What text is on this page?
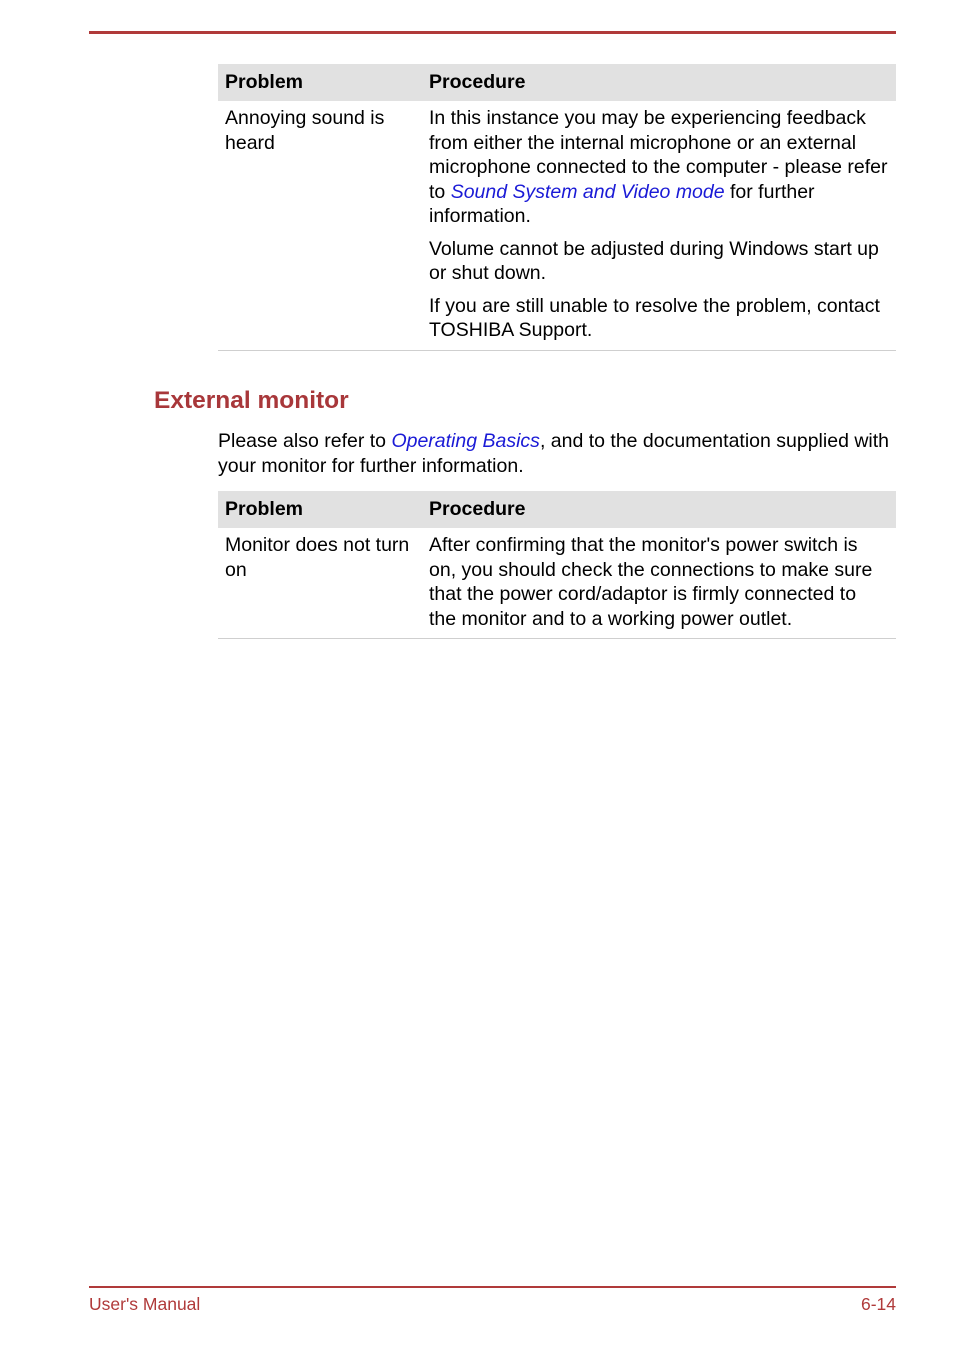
Problem	Procedure
Annoying sound is heard	In this instance you may be experiencing feedback from either the internal microphone or an external microphone connected to the computer - please refer to Sound System and Video mode for further information.

Volume cannot be adjusted during Windows start up or shut down.

If you are still unable to resolve the problem, contact TOSHIBA Support.

External monitor

Please also refer to Operating Basics, and to the documentation supplied with your monitor for further information.

Problem	Procedure
Monitor does not turn on	After confirming that the monitor's power switch is on, you should check the connections to make sure that the power cord/adaptor is firmly connected to the monitor and to a working power outlet.

User's Manual	6-14
